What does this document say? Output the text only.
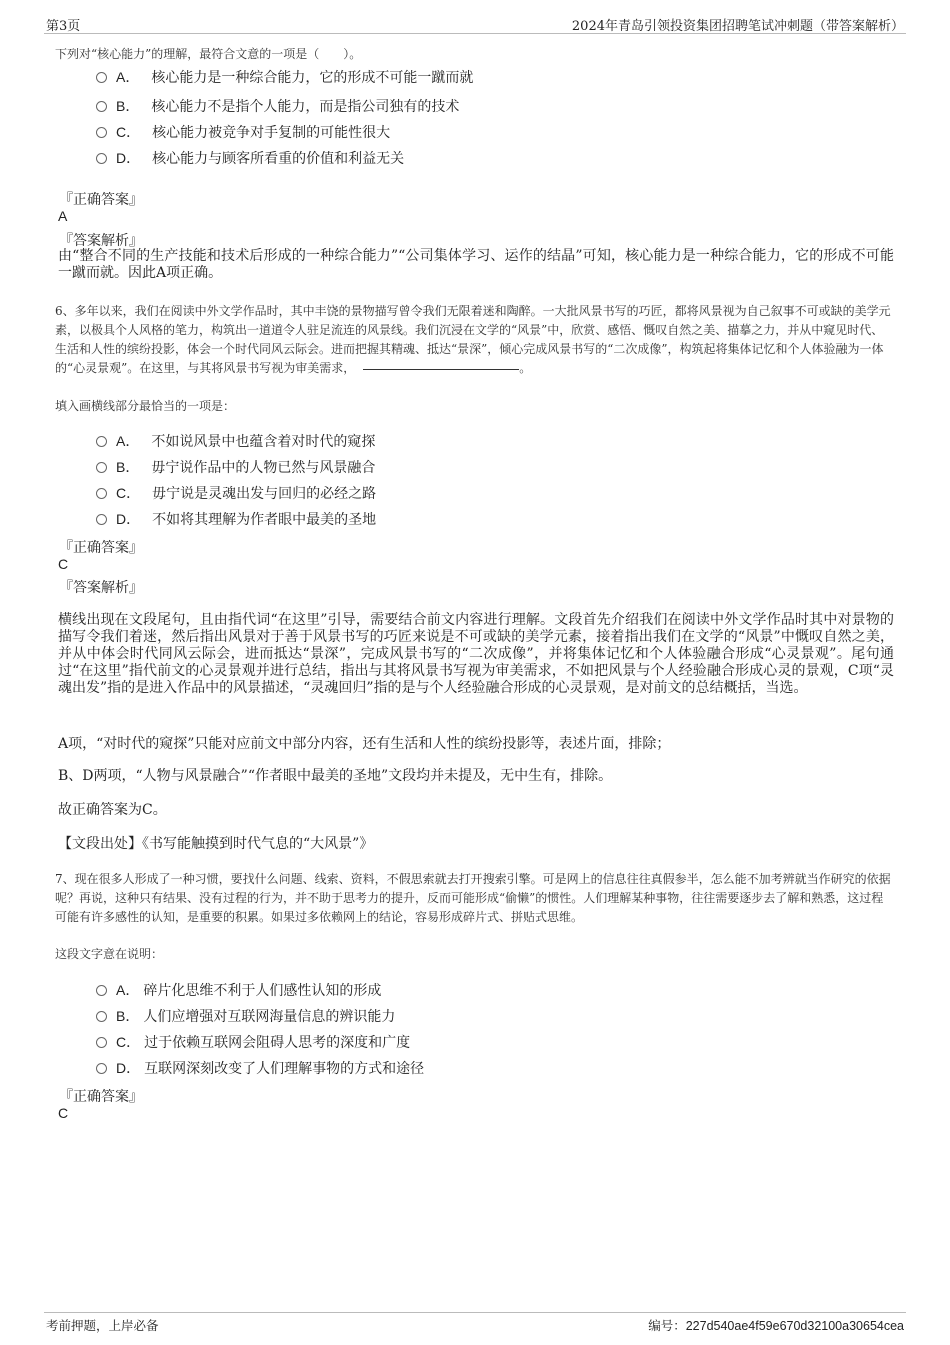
第3页	2024年青岛引领投资集团招聘笔试冲刺题（带答案解析）
下列对“核心能力”的理解，最符合文意的一项是（　　）。
A． 核心能力是一种综合能力，它的形成不可能一蹴而就
B． 核心能力不是指个人能力，而是指公司独有的技术
C． 核心能力被竞争对手复制的可能性很大
D． 核心能力与顾客所看重的价值和利益无关
『正确答案』
A
『答案解析』
由“整合不同的生产技能和技术后形成的一种综合能力”“公司集体学习、运作的结晶”可知，核心能力是一种综合能力，它的形成不可能一蹴而就。因此A项正确。
6、多年以来，我们在阅读中外文学作品时，其中丰饶的景物描写曾令我们无限着迷和陶醉。一大批风景书写的巧匠，都将风景视为自己叙事不可或缺的美学元素，以极具个人风格的笔力，构筑出一道道令人驻足流连的风景线。我们沉浸在文学的“风景”中，欣赏、感悟、慨叹自然之美、描摹之力，并从中窥见时代、生活和人性的缤纷投影，体会一个时代同风云际会。进而把握其精魂、抵达“景深”，倾心完成风景书写的“二次成像”，构筑起将集体记忆和个人体验融为一体的“心灵景观”。在这里，与其将风景书写视为审美需求，	。
填入画横线部分最恰当的一项是：
A． 不如说风景中也蕴含着对时代的窥探
B． 毋宁说作品中的人物已然与风景融合
C． 毋宁说是灵魂出发与回归的必经之路
D． 不如将其理解为作者眼中最美的圣地
『正确答案』
C
『答案解析』
横线出现在文段尾句，且由指代词“在这里”引导，需要结合前文内容进行理解。文段首先介绍我们在阅读中外文学作品时其中对景物的描写令我们着迷，然后指出风景对于善于风景书写的巧匠来说是不可或缺的美学元素，接着指出我们在文学的“风景”中慨叹自然之美，并从中体会时代同风云际会，进而抵达“景深”，完成风景书写的“二次成像”，并将集体记忆和个人体验融合形成“心灵景观”。尾句通过“在这里”指代前文的心灵景观并进行总结，指出与其将风景书写视为审美需求，不如把风景与个人经验融合形成心灵的景观，C项“灵魂出发”指的是进入作品中的风景描述，“灵魂回归”指的是与个人经验融合形成的心灵景观，是对前文的总结概括，当选。
A项，“对时代的窥探”只能对应前文中部分内容，还有生活和人性的缤纷投影等，表述片面，排除；
B、D两项，“人物与风景融合”“作者眼中最美的圣地”文段均并未提及，无中生有，排除。
故正确答案为C。
【文段出处】《书写能触摸到时代气息的“大风景”》
7、现在很多人形成了一种习惯，要找什么问题、线索、资料，不假思索就去打开搜索引擎。可是网上的信息往往真假参半，怎么能不加考辨就当作研究的依据呢？再说，这种只有结果、没有过程的行为，并不助于思考力的提升，反而可能形成“偷懒”的惯性。人们理解某种事物，往往需要逐步去了解和熟悉，这过程可能有许多感性的认知，是重要的积累。如果过多依赖网上的结论，容易形成碎片式、拼贴式思维。
这段文字意在说明：
A． 碎片化思维不利于人们感性认知的形成
B． 人们应增强对互联网海量信息的辨识能力
C． 过于依赖互联网会阻碍人思考的深度和广度
D． 互联网深刻改变了人们理解事物的方式和途径
『正确答案』
C
考前押题，上岸必备	编号：227d540ae4f59e670d32100a30654cea
